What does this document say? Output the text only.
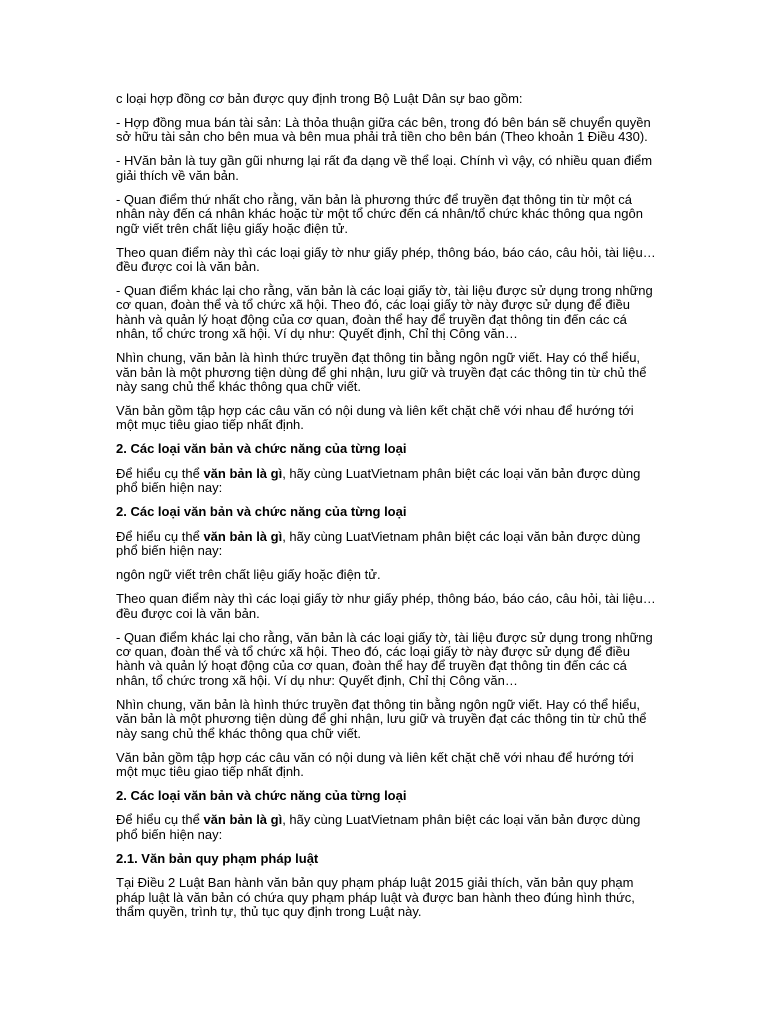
c loại hợp đồng cơ bản được quy định trong Bộ Luật Dân sự bao gồm:

- Hợp đồng mua bán tài sản: Là thỏa thuận giữa các bên, trong đó bên bán sẽ chuyển quyền sở hữu tài sản cho bên mua và bên mua phải trả tiền cho bên bán (Theo khoản 1 Điều 430).

- HVăn bản là tuy gần gũi nhưng lại rất đa dạng về thể loại. Chính vì vậy, có nhiều quan điểm giải thích về văn bản.

- Quan điểm thứ nhất cho rằng, văn bản là phương thức để truyền đạt thông tin từ một cá nhân này đến cá nhân khác hoặc từ một tổ chức đến cá nhân/tổ chức khác thông qua ngôn ngữ viết trên chất liệu giấy hoặc điện tử.

Theo quan điểm này thì các loại giấy tờ như giấy phép, thông báo, báo cáo, câu hỏi, tài liệu… đều được coi là văn bản.

- Quan điểm khác lại cho rằng, văn bản là các loại giấy tờ, tài liệu được sử dụng trong những cơ quan, đoàn thể và tổ chức xã hội. Theo đó, các loại giấy tờ này được sử dụng để điều hành và quản lý hoạt động của cơ quan, đoàn thể hay để truyền đạt thông tin đến các cá nhân, tổ chức trong xã hội. Ví dụ như: Quyết định, Chỉ thị Công văn…

Nhìn chung, văn bản là hình thức truyền đạt thông tin bằng ngôn ngữ viết. Hay có thể hiểu, văn bản là một phương tiện dùng để ghi nhận, lưu giữ và truyền đạt các thông tin từ chủ thể này sang chủ thể khác thông qua chữ viết.

Văn bản gồm tập hợp các câu văn có nội dung và liên kết chặt chẽ với nhau để hướng tới một mục tiêu giao tiếp nhất định.

2. Các loại văn bản và chức năng của từng loại

Để hiểu cụ thể văn bản là gì, hãy cùng LuatVietnam phân biệt các loại văn bản được dùng phổ biến hiện nay:

2. Các loại văn bản và chức năng của từng loại

Để hiểu cụ thể văn bản là gì, hãy cùng LuatVietnam phân biệt các loại văn bản được dùng phổ biến hiện nay:

ngôn ngữ viết trên chất liệu giấy hoặc điện tử.

Theo quan điểm này thì các loại giấy tờ như giấy phép, thông báo, báo cáo, câu hỏi, tài liệu… đều được coi là văn bản.

- Quan điểm khác lại cho rằng, văn bản là các loại giấy tờ, tài liệu được sử dụng trong những cơ quan, đoàn thể và tổ chức xã hội. Theo đó, các loại giấy tờ này được sử dụng để điều hành và quản lý hoạt động của cơ quan, đoàn thể hay để truyền đạt thông tin đến các cá nhân, tổ chức trong xã hội. Ví dụ như: Quyết định, Chỉ thị Công văn…

Nhìn chung, văn bản là hình thức truyền đạt thông tin bằng ngôn ngữ viết. Hay có thể hiểu, văn bản là một phương tiện dùng để ghi nhận, lưu giữ và truyền đạt các thông tin từ chủ thể này sang chủ thể khác thông qua chữ viết.

Văn bản gồm tập hợp các câu văn có nội dung và liên kết chặt chẽ với nhau để hướng tới một mục tiêu giao tiếp nhất định.

2. Các loại văn bản và chức năng của từng loại

Để hiểu cụ thể văn bản là gì, hãy cùng LuatVietnam phân biệt các loại văn bản được dùng phổ biến hiện nay:

2.1. Văn bản quy phạm pháp luật

Tại Điều 2 Luật Ban hành văn bản quy phạm pháp luật 2015 giải thích, văn bản quy phạm pháp luật là văn bản có chứa quy phạm pháp luật và được ban hành theo đúng hình thức, thẩm quyền, trình tự, thủ tục quy định trong Luật này.
